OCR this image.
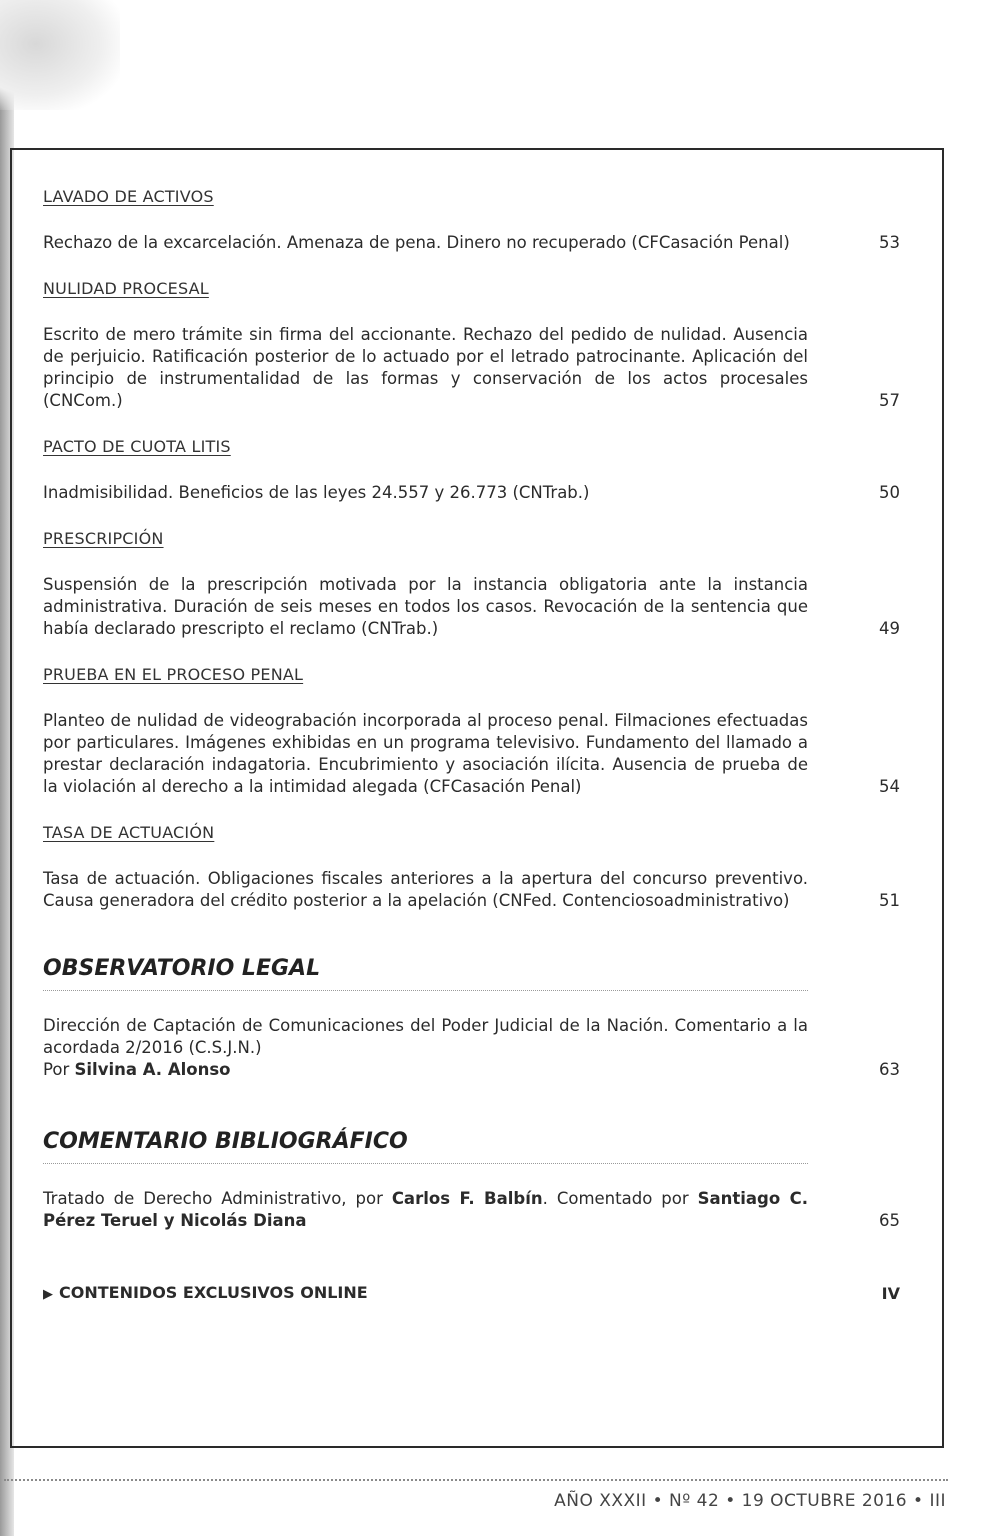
LAVADO DE ACTIVOS
Rechazo de la excarcelación. Amenaza de pena. Dinero no recuperado (CFCasación Penal)	53
NULIDAD PROCESAL
Escrito de mero trámite sin firma del accionante. Rechazo del pedido de nulidad. Ausencia de perjuicio. Ratificación posterior de lo actuado por el letrado patrocinante. Aplicación del principio de instrumentalidad de las formas y conservación de los actos procesales (CNCom.)	57
PACTO DE CUOTA LITIS
Inadmisibilidad. Beneficios de las leyes 24.557 y 26.773 (CNTrab.)	50
PRESCRIPCIÓN
Suspensión de la prescripción motivada por la instancia obligatoria ante la instancia administrativa. Duración de seis meses en todos los casos. Revocación de la sentencia que había declarado prescripto el reclamo (CNTrab.)	49
PRUEBA EN EL PROCESO PENAL
Planteo de nulidad de videograbación incorporada al proceso penal. Filmaciones efectuadas por particulares. Imágenes exhibidas en un programa televisivo. Fundamento del llamado a prestar declaración indagatoria. Encubrimiento y asociación ilícita. Ausencia de prueba de la violación al derecho a la intimidad alegada (CFCasación Penal)	54
TASA DE ACTUACIÓN
Tasa de actuación. Obligaciones fiscales anteriores a la apertura del concurso preventivo. Causa generadora del crédito posterior a la apelación (CNFed. Contenciosoadministrativo)	51
OBSERVATORIO LEGAL
Dirección de Captación de Comunicaciones del Poder Judicial de la Nación. Comentario a la acordada 2/2016 (C.S.J.N.)
Por Silvina A. Alonso	63
COMENTARIO BIBLIOGRÁFICO
Tratado de Derecho Administrativo, por Carlos F. Balbín. Comentado por Santiago C. Pérez Teruel y Nicolás Diana	65
▶ CONTENIDOS EXCLUSIVOS ONLINE	IV
AÑO XXXII • Nº 42 • 19 OCTUBRE 2016 • III
